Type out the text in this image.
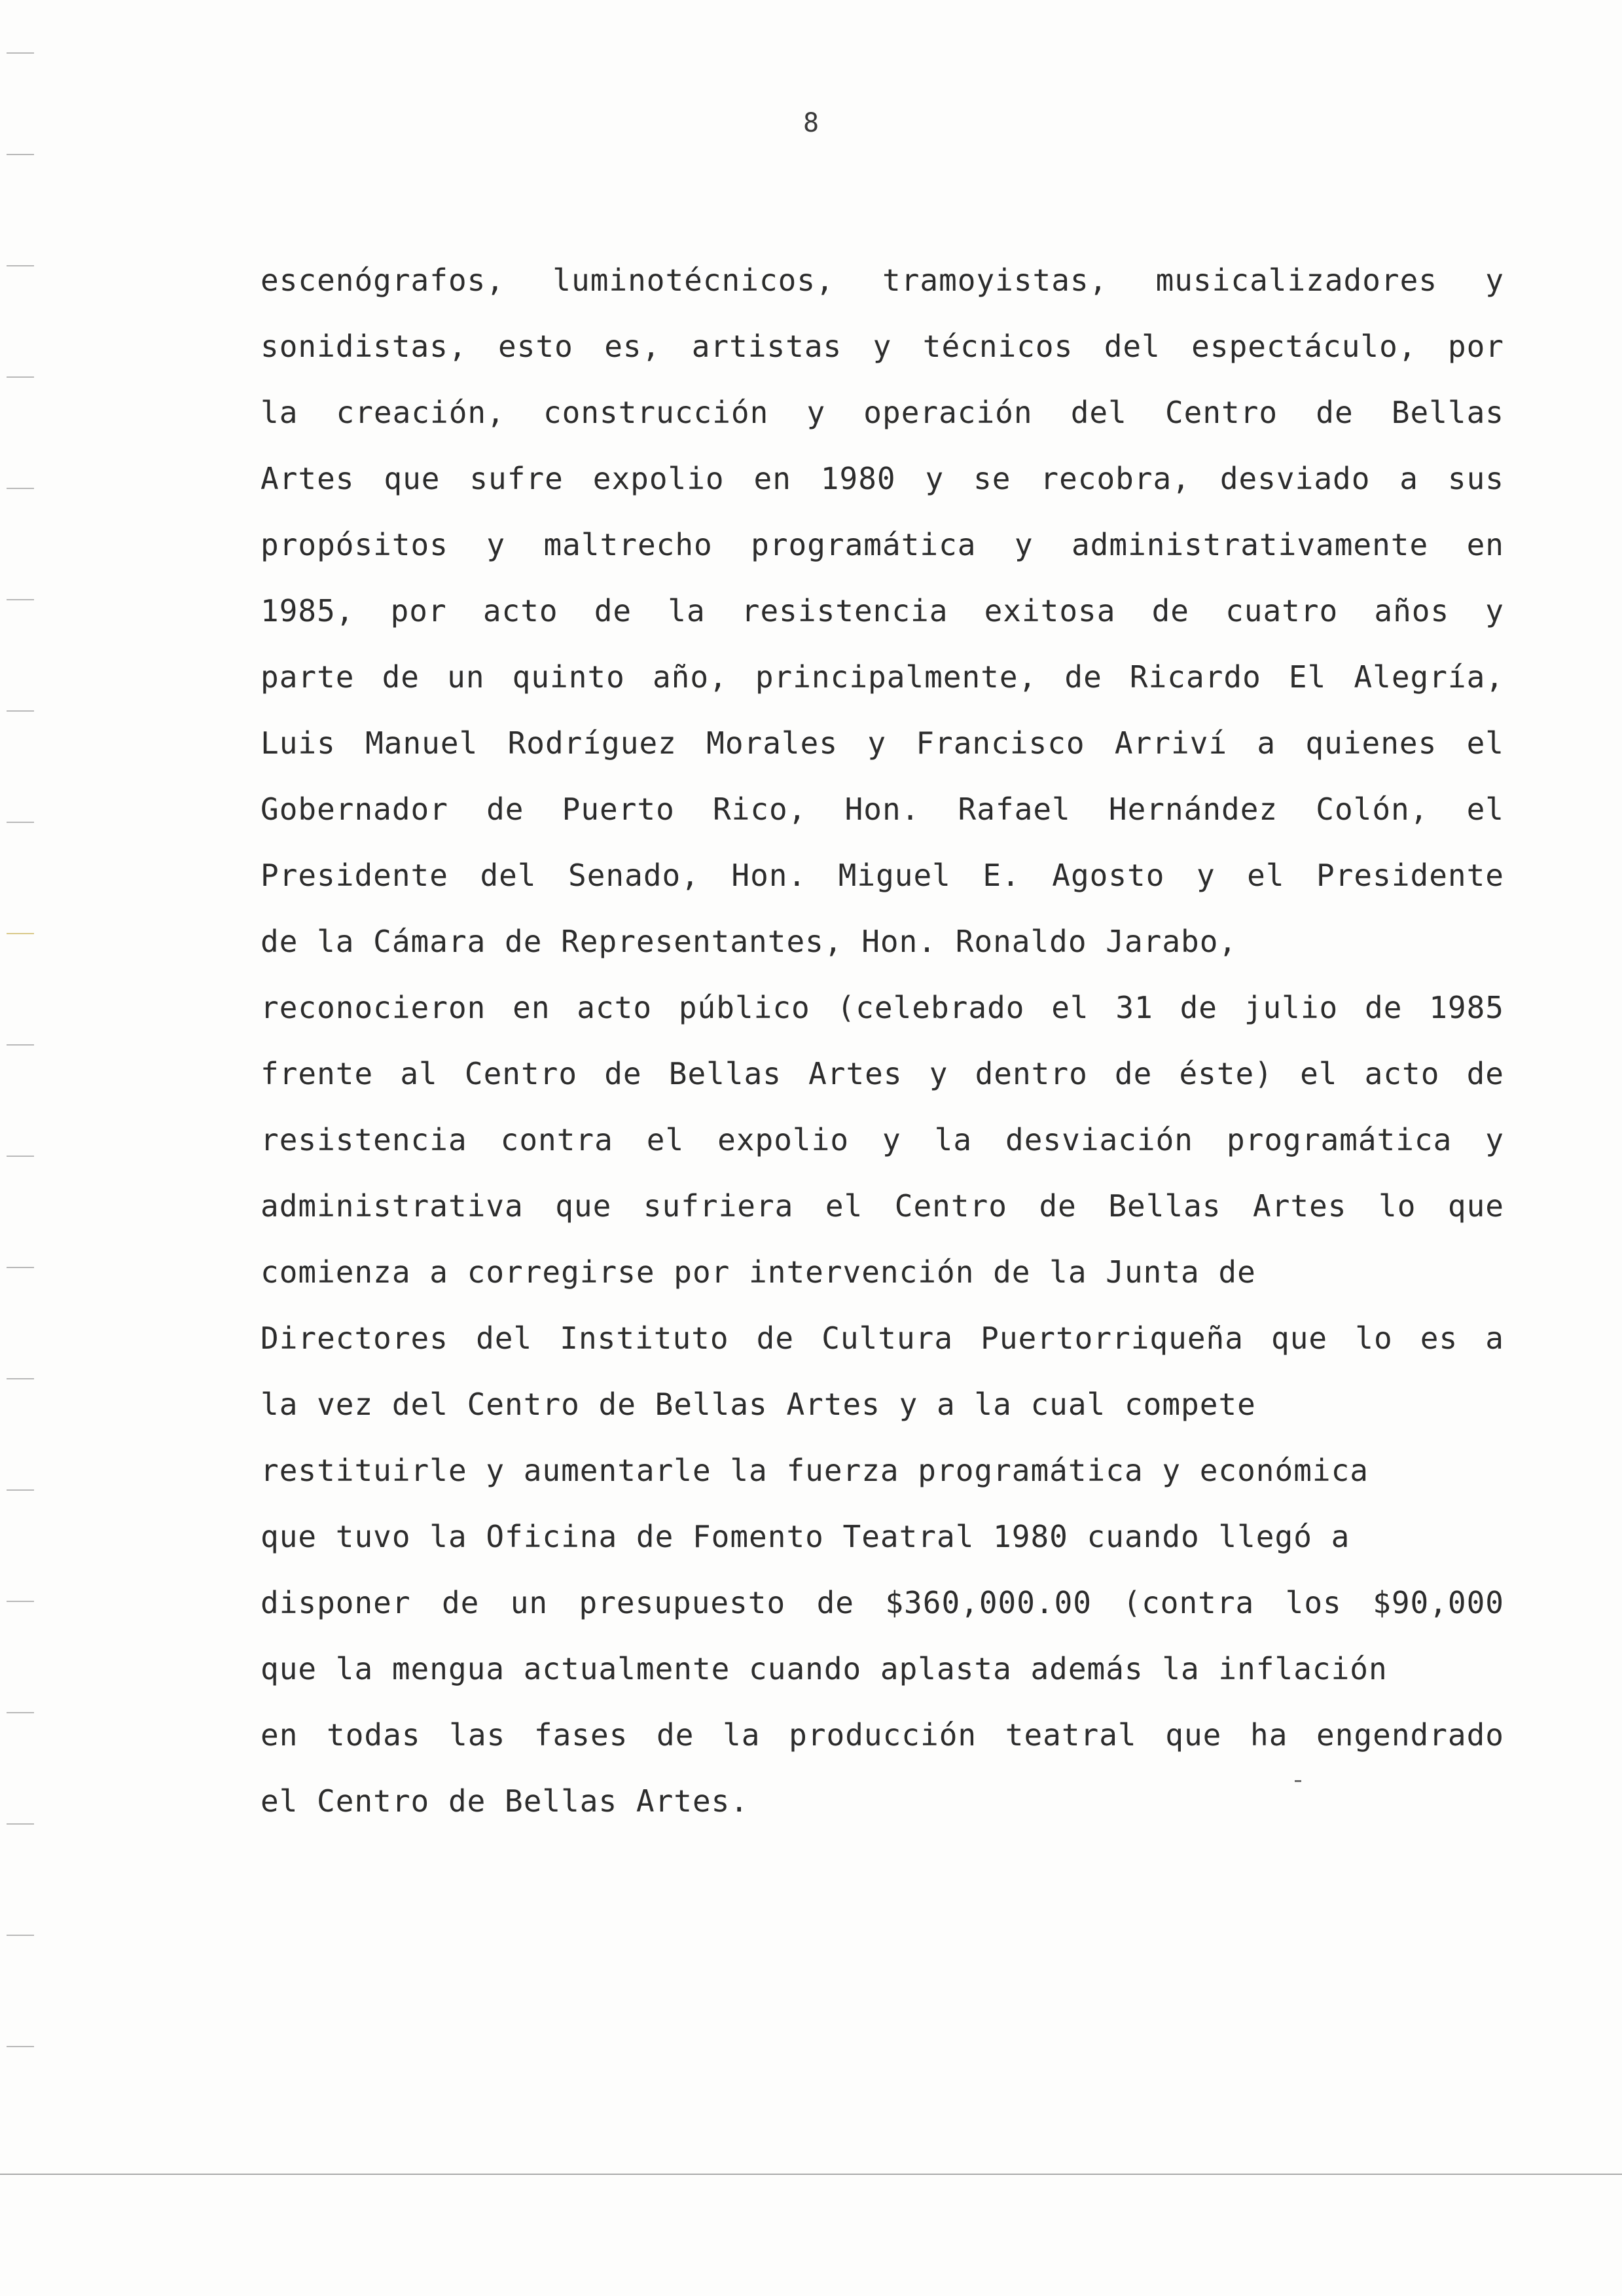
8
escenógrafos, luminotécnicos, tramoyistas, musicalizadores y
sonidistas, esto es, artistas y técnicos del espectáculo, por
la creación, construcción y operación del Centro de Bellas
Artes que sufre expolio en 1980 y se recobra, desviado a sus
propósitos y maltrecho programática y administrativamente en
1985, por acto de la resistencia exitosa de cuatro años y
parte de un quinto año, principalmente, de Ricardo El Alegría,
Luis Manuel Rodríguez Morales y Francisco Arriví a quienes el
Gobernador de Puerto Rico, Hon. Rafael Hernández Colón, el
Presidente del Senado, Hon. Miguel E. Agosto y el Presidente
de la Cámara de Representantes, Hon. Ronaldo Jarabo,
reconocieron en acto público (celebrado el 31 de julio de 1985
frente al Centro de Bellas Artes y dentro de éste) el acto de
resistencia contra el expolio y la desviación programática y
administrativa que sufriera el Centro de Bellas Artes lo que
comienza a corregirse por intervención de la Junta de
Directores del Instituto de Cultura Puertorriqueña que lo es a
la vez del Centro de Bellas Artes y a la cual compete
restituirle y aumentarle la fuerza programática y económica
que tuvo la Oficina de Fomento Teatral 1980 cuando llegó a
disponer de un presupuesto de $360,000.00 (contra los $90,000
que la mengua actualmente cuando aplasta además la inflación
en todas las fases de la producción teatral que ha engendrado
el Centro de Bellas Artes.
